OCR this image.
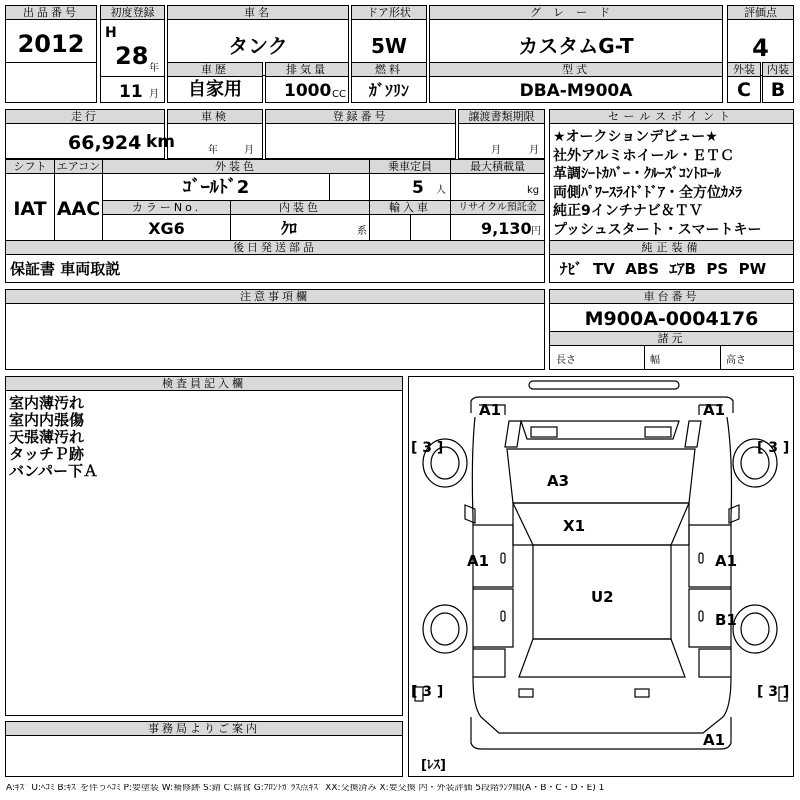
出品番号
2012
初度登録
H
28 年
11 月
車名
タンク
ドア形状
5W
グレード
カスタムG-T
評価点
4
車歴
自家用
排気量
1000 CC
燃料
ｶﾞｿﾘﾝ
型式
DBA-M900A
外装
C
内装
B
走行
66,924 km
車検
年	月
登録番号	譲渡書類期限
月	月
セールスポイント
★オークションデビュー★
社外アルミホイール・ＥＴＣ
革調ｼｰﾄｶﾊﾞｰ・ｸﾙｰｽﾞｺﾝﾄﾛｰﾙ
両側ﾊﾟﾜｰｽﾗｲﾄﾞﾄﾞｱ・全方位ｶﾒﾗ
純正9インチナビ＆ＴＶ
プッシュスタート・スマートキー
シフト
IAT
エアコン
AAC
外装色
ｺﾞｰﾙﾄﾞ2
乗車定員
5 人
最大積載量
kg
カラーNo.
XG6
内装色
ｸﾛ	系
輸入車	リサイクル預託金
9,130 円
後日発送部品
保証書 車両取説
純正装備
ﾅﾋﾞ  TV  ABS  ｴｱB  PS  PW
注意事項欄	車台番号
M900A-0004176
諸元
長さ	幅	高さ
検査員記入欄
室内薄汚れ
室内内張傷
天張薄汚れ
タッチＰ跡
バンパー下Ａ
事務局よりご案内
A1	A1
A3
X1
A1	A1
U2
B1
A1
[ 3 ]	[ 3 ]
[ 3 ]	[ 3 ]
[ﾚｽ]
A:ｷｽﾞ U:ﾍｺﾐ B:ｷｽﾞを伴うﾍｺﾐ P:要塗装 W:補修跡 S:錆 C:腐食 G:ﾌﾛﾝﾄｶﾞﾗｽ点ｷｽﾞ XX:交換済み X:要交換 内・外装評価 5段階ﾗﾝｸ順(A・B・C・D・E) 1
